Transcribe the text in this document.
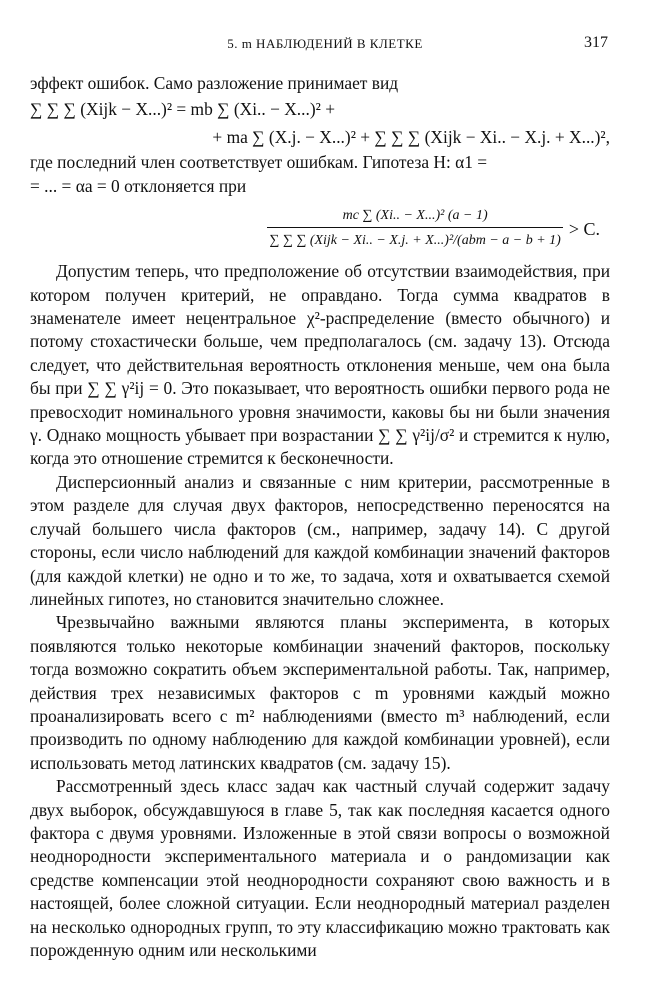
5. m НАБЛЮДЕНИЙ В КЛЕТКЕ	317

эффект ошибок. Само разложение принимает вид

∑ ∑ ∑ (Xijk − X...)² = mb ∑ (Xi.. − X...)² +

+ ma ∑ (X.j. − X...)² + ∑ ∑ ∑ (Xijk − Xi.. − X.j. + X...)²,

где последний член соответствует ошибкам. Гипотеза H: α1 =

= ... = αa = 0 отклоняется при

$\frac{\text{mc ∑ (Xi.. − X...)² (a − 1)}}{\text{∑ ∑ ∑ (Xijk − Xi.. − X.j. + X...)²/(abm − a − b + 1)}} > C$.

Допустим теперь, что предположение об отсутствии взаимодействия, при котором получен критерий, не оправдано. Тогда сумма квадратов в знаменателе имеет нецентральное χ²-распределение (вместо обычного) и потому стохастически больше, чем предполагалось (см. задачу 13). Отсюда следует, что действительная вероятность отклонения меньше, чем она была бы при ∑ ∑ γ²ij = 0. Это показывает, что вероятность ошибки первого рода не превосходит номинального уровня значимости, каковы бы ни были значения γ. Однако мощность убывает при возрастании ∑ ∑ γ²ij/σ² и стремится к нулю, когда это отношение стремится к бесконечности.

Дисперсионный анализ и связанные с ним критерии, рассмотренные в этом разделе для случая двух факторов, непосредственно переносятся на случай большего числа факторов (см., например, задачу 14). С другой стороны, если число наблюдений для каждой комбинации значений факторов (для каждой клетки) не одно и то же, то задача, хотя и охватывается схемой линейных гипотез, но становится значительно сложнее.

Чрезвычайно важными являются планы эксперимента, в которых появляются только некоторые комбинации значений факторов, поскольку тогда возможно сократить объем экспериментальной работы. Так, например, действия трех независимых факторов с m уровнями каждый можно проанализировать всего с m² наблюдениями (вместо m³ наблюдений, если производить по одному наблюдению для каждой комбинации уровней), если использовать метод латинских квадратов (см. задачу 15).

Рассмотренный здесь класс задач как частный случай содержит задачу двух выборок, обсуждавшуюся в главе 5, так как последняя касается одного фактора с двумя уровнями. Изложенные в этой связи вопросы о возможной неоднородности экспериментального материала и о рандомизации как средстве компенсации этой неоднородности сохраняют свою важность и в настоящей, более сложной ситуации. Если неоднородный материал разделен на несколько однородных групп, то эту классификацию можно трактовать как порожденную одним или несколькими
